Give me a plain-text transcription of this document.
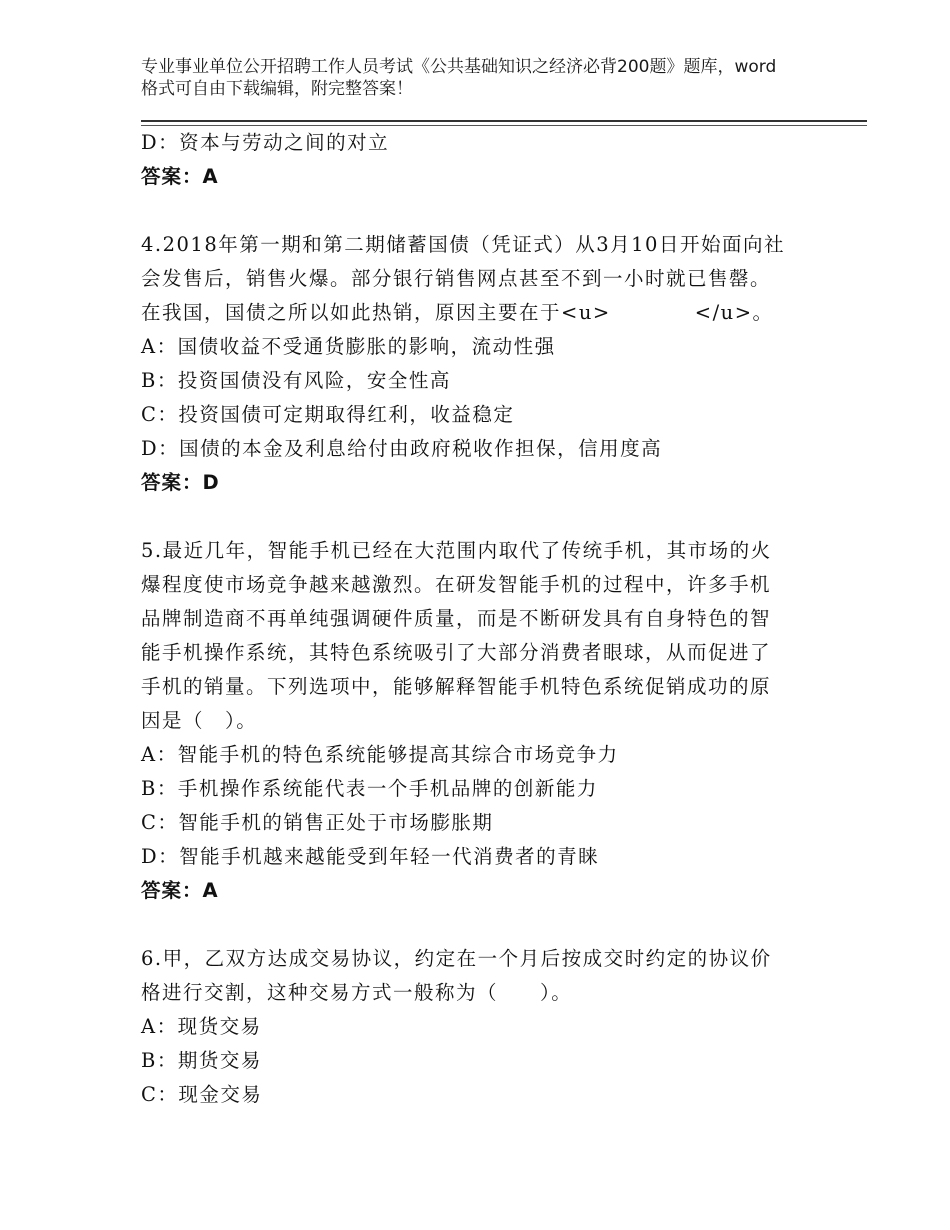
专业事业单位公开招聘工作人员考试《公共基础知识之经济必背200题》题库，word格式可自由下载编辑，附完整答案！
D：资本与劳动之间的对立
答案：A
4.2018年第一期和第二期储蓄国债（凭证式）从3月10日开始面向社
会发售后，销售火爆。部分银行销售网点甚至不到一小时就已售罄。
在我国，国债之所以如此热销，原因主要在于<u>　　　　</u>。
A：国债收益不受通货膨胀的影响，流动性强
B：投资国债没有风险，安全性高
C：投资国债可定期取得红利，收益稳定
D：国债的本金及利息给付由政府税收作担保，信用度高
答案：D
5.最近几年，智能手机已经在大范围内取代了传统手机，其市场的火
爆程度使市场竞争越来越激烈。在研发智能手机的过程中，许多手机
品牌制造商不再单纯强调硬件质量，而是不断研发具有自身特色的智
能手机操作系统，其特色系统吸引了大部分消费者眼球，从而促进了
手机的销量。下列选项中，能够解释智能手机特色系统促销成功的原
因是（　）。
A：智能手机的特色系统能够提高其综合市场竞争力
B：手机操作系统能代表一个手机品牌的创新能力
C：智能手机的销售正处于市场膨胀期
D：智能手机越来越能受到年轻一代消费者的青睐
答案：A
6.甲，乙双方达成交易协议，约定在一个月后按成交时约定的协议价
格进行交割，这种交易方式一般称为（　　）。
A：现货交易
B：期货交易
C：现金交易
